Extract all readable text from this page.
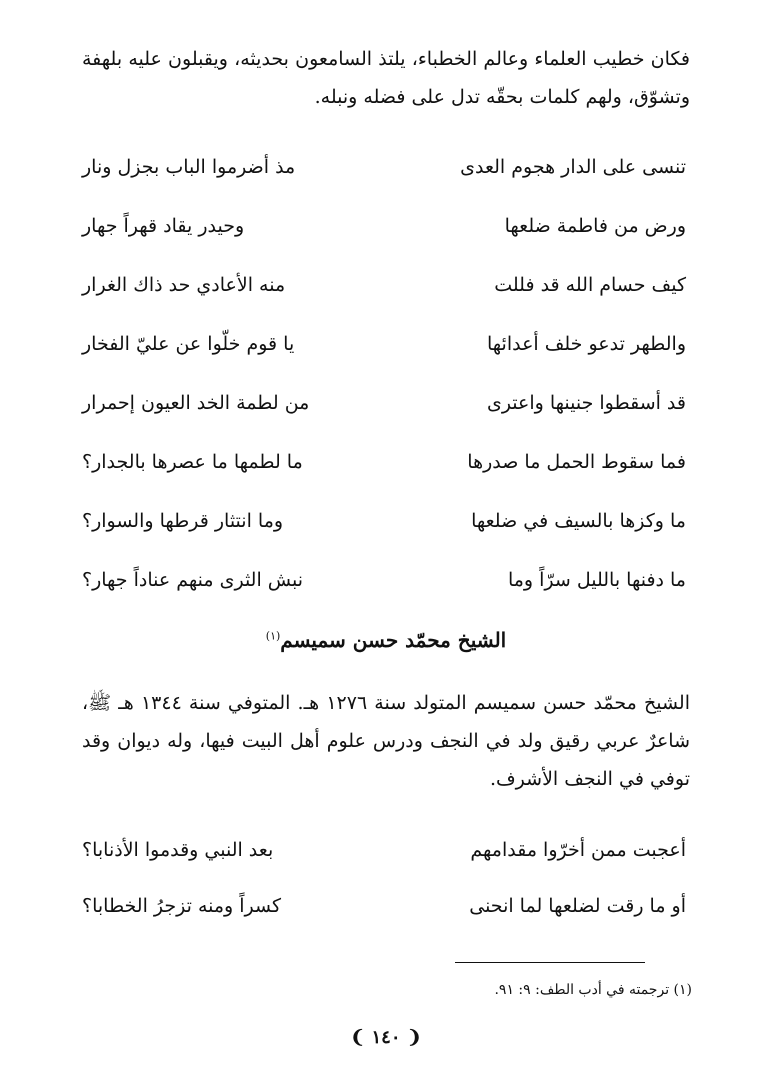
فكان خطيب العلماء وعالم الخطباء، يلتذ السامعون بحديثه، ويقبلون عليه بلهفة وتشوّق، ولهم كلمات بحقّه تدل على فضله ونبله.

تنسى على الدار هجوم العدى
مذ أضرموا الباب بجزل ونار
ورض من فاطمة ضلعها
وحيدر يقاد قهراً جهار
كيف حسام الله قد فللت
منه الأعادي حد ذاك الغرار
والطهر تدعو خلف أعدائها
يا قوم خلّوا عن عليّ الفخار
قد أسقطوا جنينها واعترى
من لطمة الخد العيون إحمرار
فما سقوط الحمل ما صدرها
ما لطمها ما عصرها بالجدار؟
ما وكزها بالسيف في ضلعها
وما انتثار قرطها والسوار؟
ما دفنها بالليل سرّاً وما
نبش الثرى منهم عناداً جهار؟
الشيخ محمّد حسن سميسم$^{(١)}$

الشيخ محمّد حسن سميسم المتولد سنة ١٢٧٦ هـ. المتوفي سنة ١٣٤٤ هـ ﷺ، شاعرٌ عربي رقيق ولد في النجف ودرس علوم أهل البيت فيها، وله ديوان وقد توفي في النجف الأشرف.

أعجبت ممن أخرّوا مقدامهم
بعد النبي وقدموا الأذنابا؟
أو ما رقت لضلعها لما انحنى
كسراً ومنه تزجرُ الخطابا؟
(١) ترجمته في أدب الطف: ٩: ٩١.
❨ ١٤٠ ❩
